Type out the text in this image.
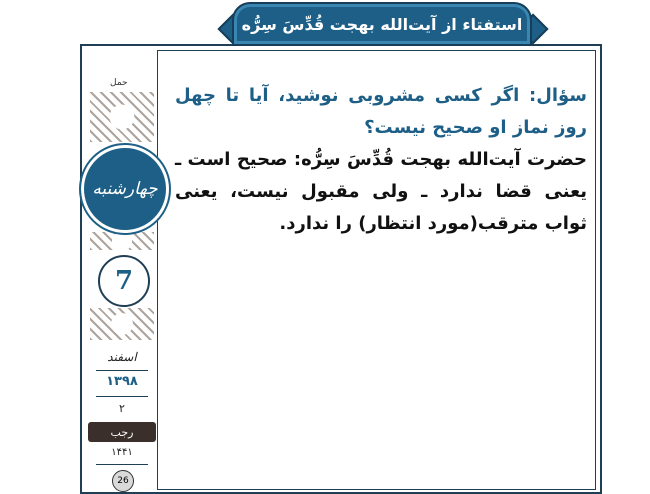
استفتاء از آیت‌الله بهجت قُدِّسَ سِرُّه
حمل
چهارشنبه
7
اسفند
۱۳۹۸
۲
رجب
۱۴۴۱
26

سؤال: اگر کسی مشروبی نوشید، آیا تا چهل روز نماز او صحیح نیست؟

حضرت آیت‌الله بهجت قُدِّسَ سِرُّه: صحیح است ـ یعنی قضا ندارد ـ ولی مقبول نیست، یعنی ثواب مترقب(مورد انتظار) را ندارد.
